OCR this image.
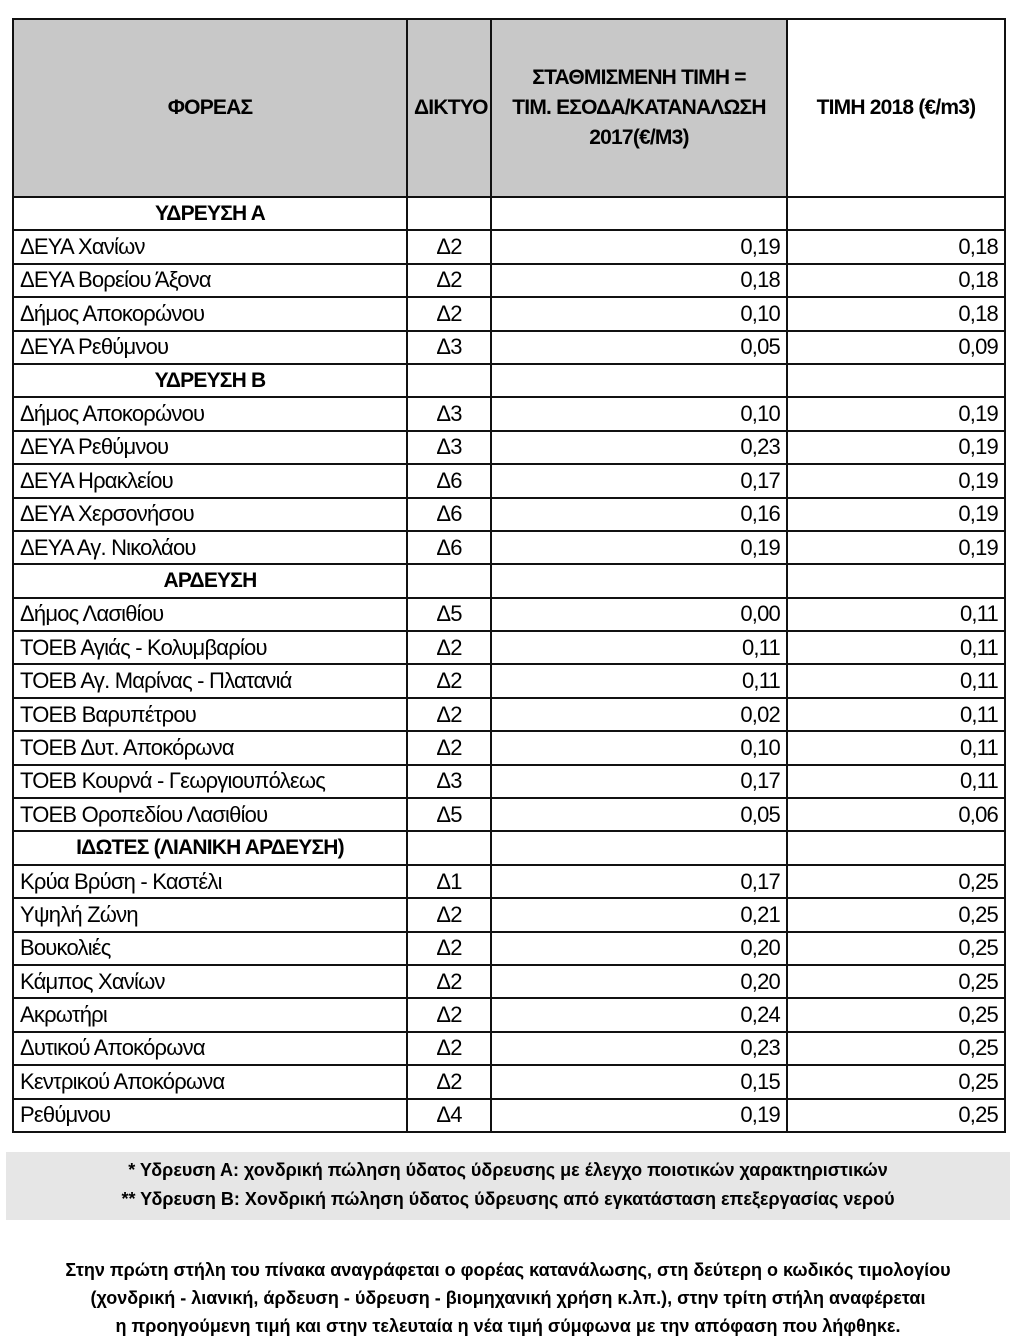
ΦΟΡΕΑΣ	ΔΙΚΤΥΟ	ΣΤΑΘΜΙΣΜΕΝΗ ΤΙΜΗ =
ΤΙΜ. ΕΣΟΔΑ/ΚΑΤΑΝΑΛΩΣΗ
2017(€/M3)	ΤΙΜΗ 2018 (€/m3)
ΥΔΡΕΥΣΗ Α			
ΔΕΥΑ Χανίων	Δ2	0,19	0,18
ΔΕΥΑ Βορείου Άξονα	Δ2	0,18	0,18
Δήμος Αποκορώνου	Δ2	0,10	0,18
ΔΕΥΑ Ρεθύμνου	Δ3	0,05	0,09
ΥΔΡΕΥΣΗ Β			
Δήμος Αποκορώνου	Δ3	0,10	0,19
ΔΕΥΑ Ρεθύμνου	Δ3	0,23	0,19
ΔΕΥΑ Ηρακλείου	Δ6	0,17	0,19
ΔΕΥΑ Χερσονήσου	Δ6	0,16	0,19
ΔΕΥΑ Αγ. Νικολάου	Δ6	0,19	0,19
ΑΡΔΕΥΣΗ			
Δήμος Λασιθίου	Δ5	0,00	0,11
ΤΟΕΒ Αγιάς - Κολυμβαρίου	Δ2	0,11	0,11
ΤΟΕΒ Αγ. Μαρίνας - Πλατανιά	Δ2	0,11	0,11
ΤΟΕΒ Βαρυπέτρου	Δ2	0,02	0,11
ΤΟΕΒ Δυτ. Αποκόρωνα	Δ2	0,10	0,11
ΤΟΕΒ Κουρνά - Γεωργιουπόλεως	Δ3	0,17	0,11
ΤΟΕΒ Οροπεδίου Λασιθίου	Δ5	0,05	0,06
ΙΔΩΤΕΣ (ΛΙΑΝΙΚΗ ΑΡΔΕΥΣΗ)			
Κρύα Βρύση - Καστέλι	Δ1	0,17	0,25
Υψηλή Ζώνη	Δ2	0,21	0,25
Βουκολιές	Δ2	0,20	0,25
Κάμπος Χανίων	Δ2	0,20	0,25
Ακρωτήρι	Δ2	0,24	0,25
Δυτικού Αποκόρωνα	Δ2	0,23	0,25
Κεντρικού Αποκόρωνα	Δ2	0,15	0,25
Ρεθύμνου	Δ4	0,19	0,25
* Υδρευση Α: χονδρική πώληση ύδατος ύδρευσης με έλεγχο ποιοτικών χαρακτηριστικών
** Υδρευση Β: Χονδρική πώληση ύδατος ύδρευσης από εγκατάσταση επεξεργασίας νερού
Στην πρώτη στήλη του πίνακα αναγράφεται ο φορέας κατανάλωσης, στη δεύτερη ο κωδικός τιμολογίου
(χονδρική - λιανική, άρδευση - ύδρευση - βιομηχανική χρήση κ.λπ.), στην τρίτη στήλη αναφέρεται
η προηγούμενη τιμή και στην τελευταία η νέα τιμή σύμφωνα με την απόφαση που λήφθηκε.
